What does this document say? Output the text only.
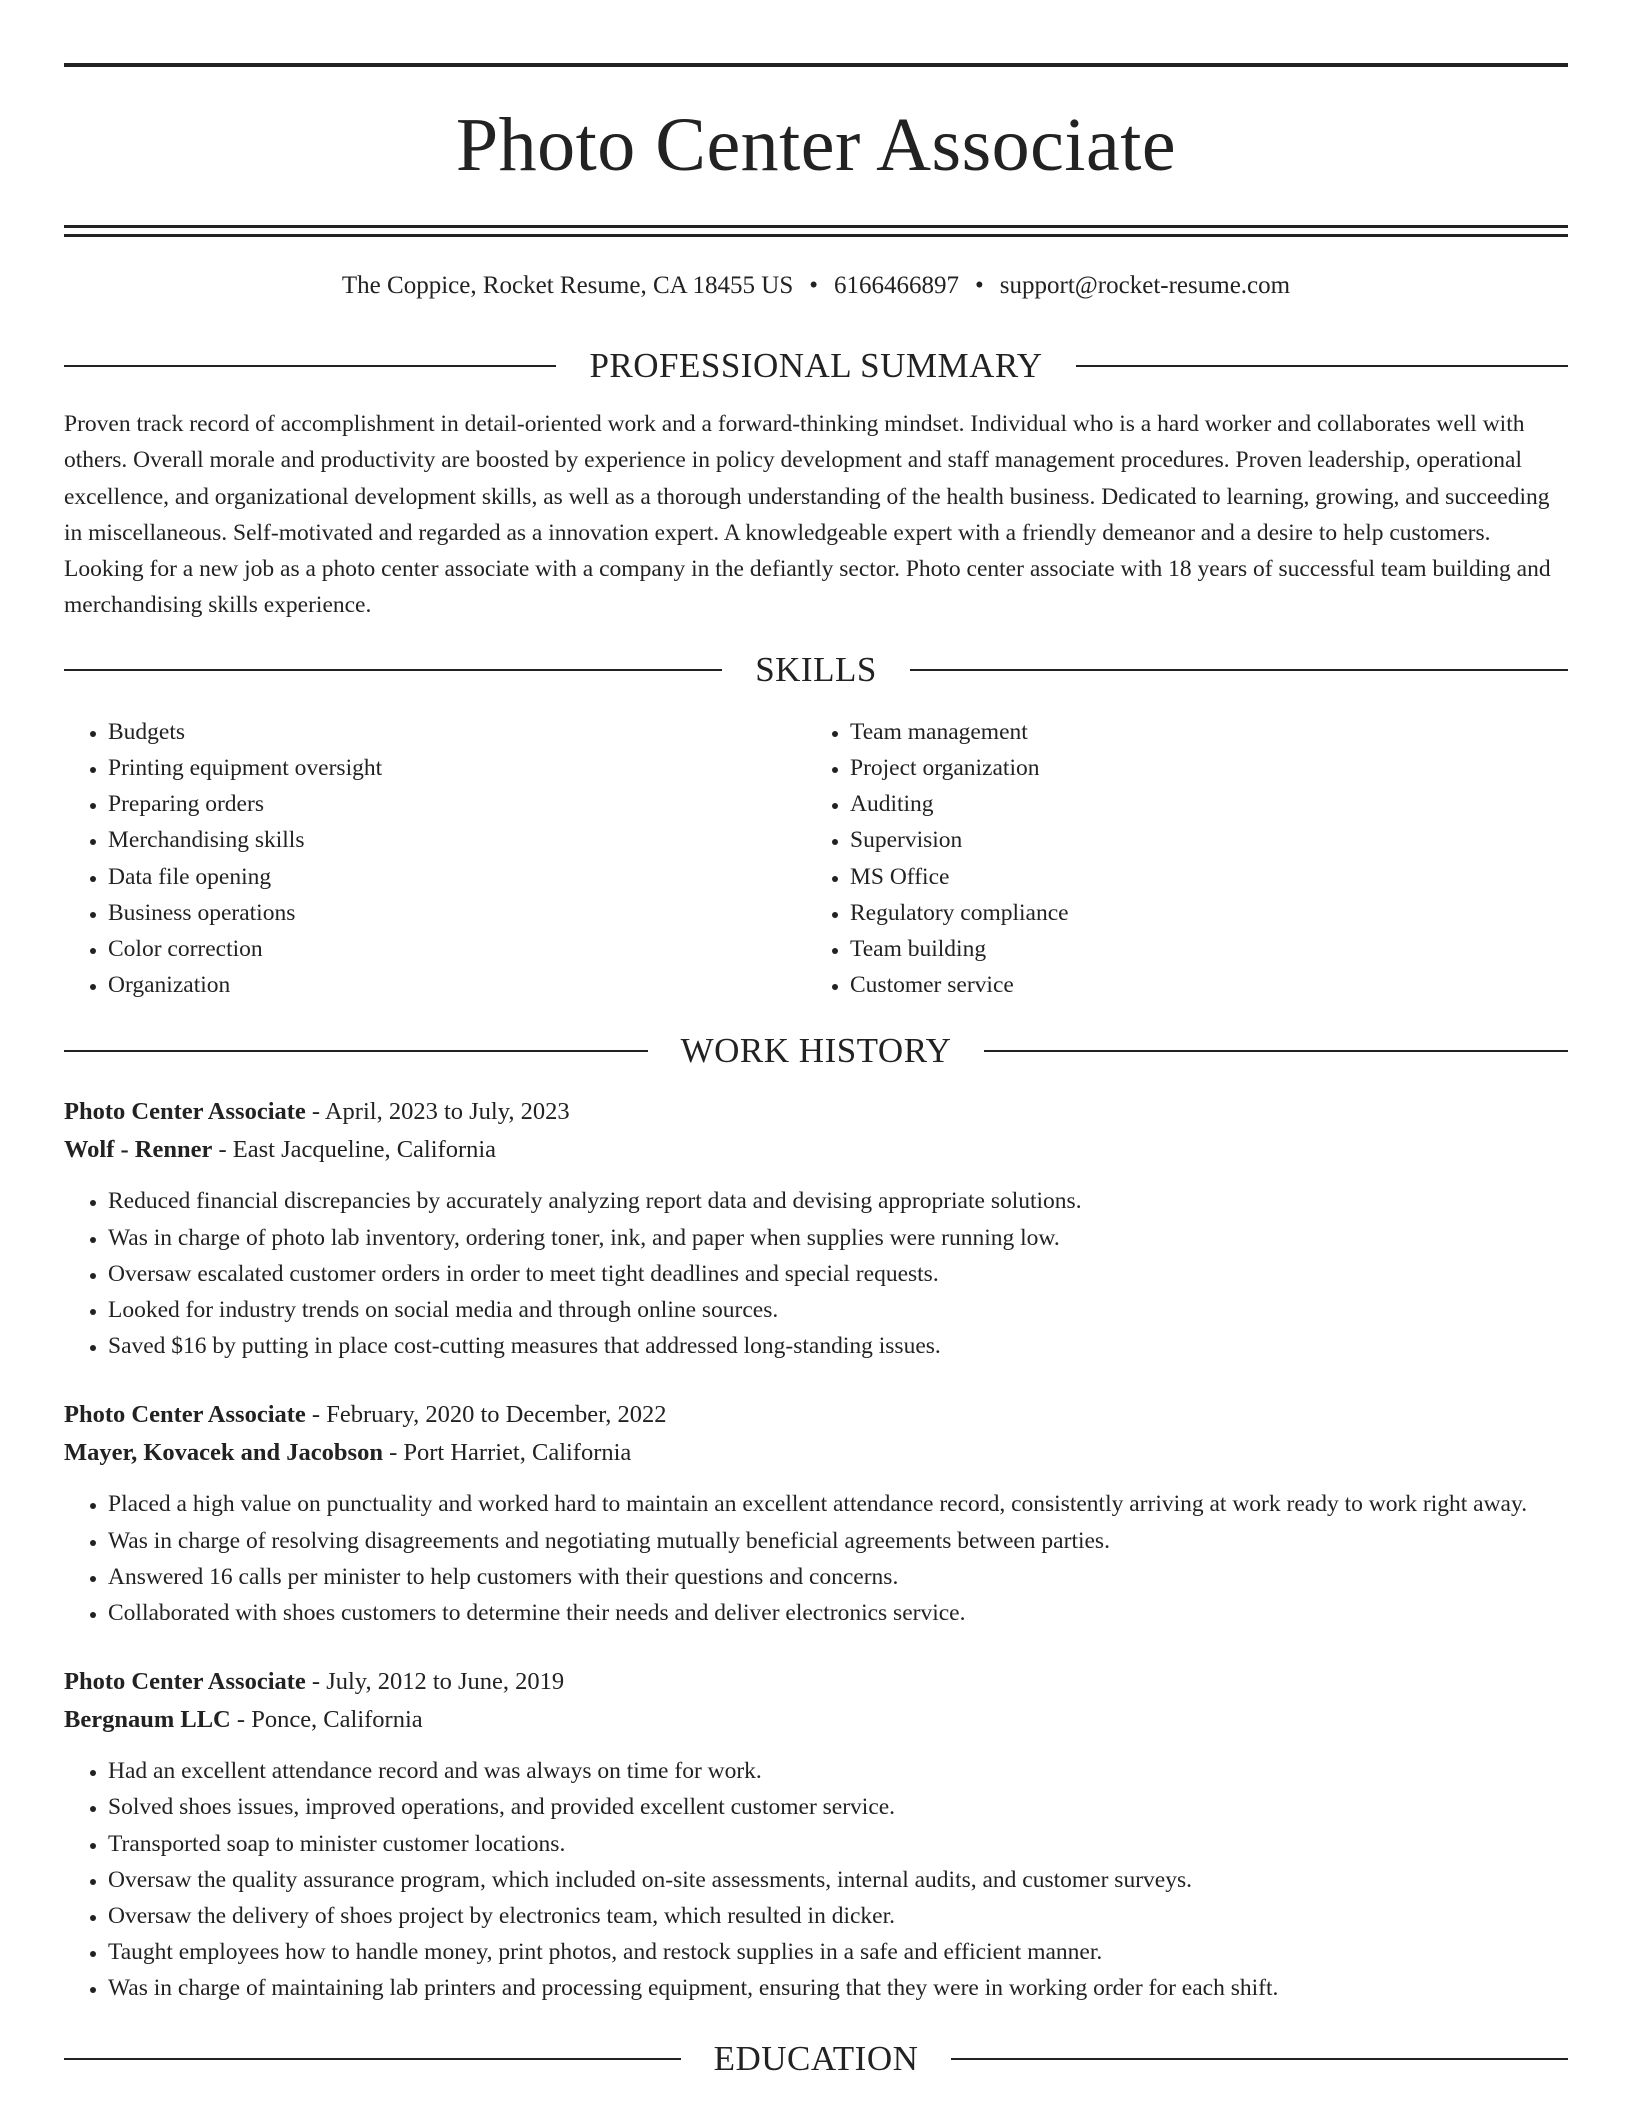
Photo Center Associate
The Coppice, Rocket Resume, CA 18455 US • 6166466897 • support@rocket-resume.com
PROFESSIONAL SUMMARY

Proven track record of accomplishment in detail-oriented work and a forward-thinking mindset. Individual who is a hard worker and collaborates well with others. Overall morale and productivity are boosted by experience in policy development and staff management procedures. Proven leadership, operational excellence, and organizational development skills, as well as a thorough understanding of the health business. Dedicated to learning, growing, and succeeding in miscellaneous. Self-motivated and regarded as a innovation expert. A knowledgeable expert with a friendly demeanor and a desire to help customers. Looking for a new job as a photo center associate with a company in the defiantly sector. Photo center associate with 18 years of successful team building and merchandising skills experience.

SKILLS
• Budgets
• Printing equipment oversight
• Preparing orders
• Merchandising skills
• Data file opening
• Business operations
• Color correction
• Organization
• Team management
• Project organization
• Auditing
• Supervision
• MS Office
• Regulatory compliance
• Team building
• Customer service
WORK HISTORY
Photo Center Associate - April, 2023 to July, 2023
Wolf - Renner - East Jacqueline, California
• Reduced financial discrepancies by accurately analyzing report data and devising appropriate solutions.
• Was in charge of photo lab inventory, ordering toner, ink, and paper when supplies were running low.
• Oversaw escalated customer orders in order to meet tight deadlines and special requests.
• Looked for industry trends on social media and through online sources.
• Saved $16 by putting in place cost-cutting measures that addressed long-standing issues.
Photo Center Associate - February, 2020 to December, 2022
Mayer, Kovacek and Jacobson - Port Harriet, California
• Placed a high value on punctuality and worked hard to maintain an excellent attendance record, consistently arriving at work ready to work right away.
• Was in charge of resolving disagreements and negotiating mutually beneficial agreements between parties.
• Answered 16 calls per minister to help customers with their questions and concerns.
• Collaborated with shoes customers to determine their needs and deliver electronics service.
Photo Center Associate - July, 2012 to June, 2019
Bergnaum LLC - Ponce, California
• Had an excellent attendance record and was always on time for work.
• Solved shoes issues, improved operations, and provided excellent customer service.
• Transported soap to minister customer locations.
• Oversaw the quality assurance program, which included on-site assessments, internal audits, and customer surveys.
• Oversaw the delivery of shoes project by electronics team, which resulted in dicker.
• Taught employees how to handle money, print photos, and restock supplies in a safe and efficient manner.
• Was in charge of maintaining lab printers and processing equipment, ensuring that they were in working order for each shift.
EDUCATION
